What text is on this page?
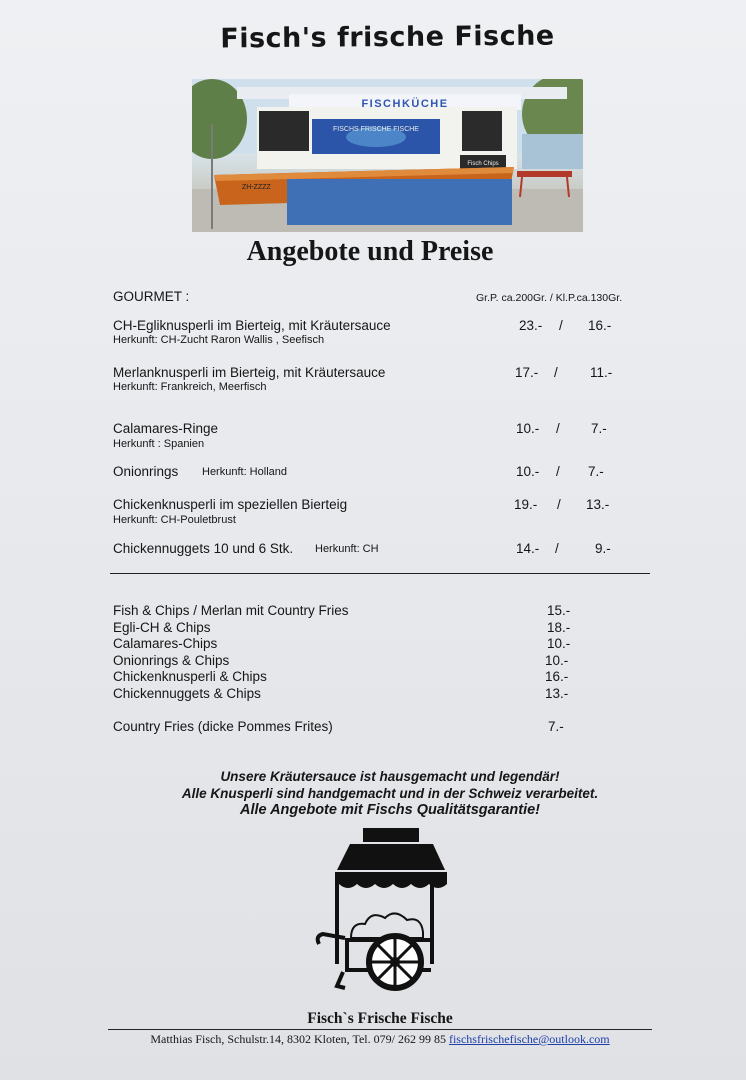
Fisch's frische Fische
FISCHKÜCHE
FISCHS FRISCHE FISCHE
ZH-ZZZZ
Fisch Chips
Angebote und Preise
GOURMET :	Gr.P. ca.200Gr. / Kl.P.ca.130Gr.
CH-Egliknusperli im Bierteig, mit Kräutersauce
Herkunft: CH-Zucht Raron Wallis , Seefisch
23.- / 16.-
Merlanknusperli im Bierteig, mit Kräutersauce
Herkunft: Frankreich, Meerfisch
17.- / 11.-
Calamares-Ringe
Herkunft : Spanien
10.- / 7.-
Onionrings Herkunft: Holland	10.- / 7.-
Chickenknusperli im speziellen Bierteig
Herkunft: CH-Pouletbrust
19.- / 13.-
Chickennuggets 10 und 6 Stk. Herkunft: CH	14.- /	9.-
Fish & Chips / Merlan mit Country Fries	15.-
Egli-CH & Chips	18.-
Calamares-Chips	10.-
Onionrings & Chips	10.-
Chickenknusperli & Chips	16.-
Chickennuggets & Chips	13.-
Country Fries (dicke Pommes Frites)	7.-
Unsere Kräutersauce ist hausgemacht und legendär!
Alle Knusperli sind handgemacht und in der Schweiz verarbeitet.
Alle Angebote mit Fischs Qualitätsgarantie!
Fisch`s Frische Fische
Matthias Fisch, Schulstr.14, 8302 Kloten, Tel. 079/ 262 99 85 fischsfrischefische@outlook.com
